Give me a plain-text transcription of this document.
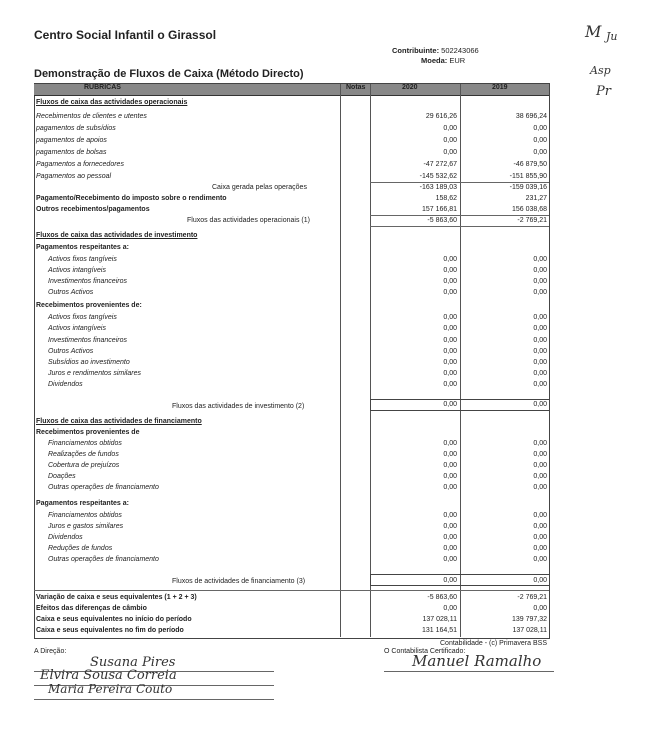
Centro Social Infantil o Girassol
Contribuinte: 502243066
Moeda: EUR
Demonstração de Fluxos de Caixa (Método Directo)
M Ju
Asp
Pr
RUBRICAS	Notas	2020	2019
Fluxos de caixa das actividades operacionais
Recebimentos de clientes e utentes	29 616,26	38 696,24
pagamentos de subsídios	0,00	0,00
pagamentos de apoios	0,00	0,00
pagamentos de bolsas	0,00	0,00
Pagamentos a fornecedores	-47 272,67	-46 879,50
Pagamentos ao pessoal	-145 532,62	-151 855,90
Caixa gerada pelas operações	-163 189,03	-159 039,16
Pagamento/Recebimento do imposto sobre o rendimento	158,62	231,27
Outros recebimentos/pagamentos	157 166,81	156 038,68
Fluxos das actividades operacionais (1)	-5 863,60	-2 769,21
Fluxos de caixa das actividades de investimento
Pagamentos respeitantes a:
Activos fixos tangíveis	0,00	0,00
Activos intangíveis	0,00	0,00
Investimentos financeiros	0,00	0,00
Outros Activos	0,00	0,00
Recebimentos provenientes de:
Activos fixos tangíveis	0,00	0,00
Activos intangíveis	0,00	0,00
Investimentos financeiros	0,00	0,00
Outros Activos	0,00	0,00
Subsídios ao investimento	0,00	0,00
Juros e rendimentos similares	0,00	0,00
Dividendos	0,00	0,00
Fluxos das actividades de investimento (2)	0,00	0,00
Fluxos de caixa das actividades de financiamento
Recebimentos provenientes de
Financiamentos obtidos	0,00	0,00
Realizações de fundos	0,00	0,00
Cobertura de prejuízos	0,00	0,00
Doações	0,00	0,00
Outras operações de financiamento	0,00	0,00
Pagamentos respeitantes a:
Financiamentos obtidos	0,00	0,00
Juros e gastos similares	0,00	0,00
Dividendos	0,00	0,00
Reduções de fundos	0,00	0,00
Outras operações de financiamento	0,00	0,00
Fluxos de actividades de financiamento (3)	0,00	0,00
Variação de caixa e seus equivalentes (1 + 2 + 3)	-5 863,60	-2 769,21
Efeitos das diferenças de câmbio	0,00	0,00
Caixa e seus equivalentes no início do período	137 028,11	139 797,32
Caixa e seus equivalentes no fim do período	131 164,51	137 028,11
Contabilidade - (c) Primavera BSS
A Direção:	O Contabilista Certificado:
Susana Pires
Elvira Sousa Correia
Maria Pereira Couto
Manuel Ramalho
